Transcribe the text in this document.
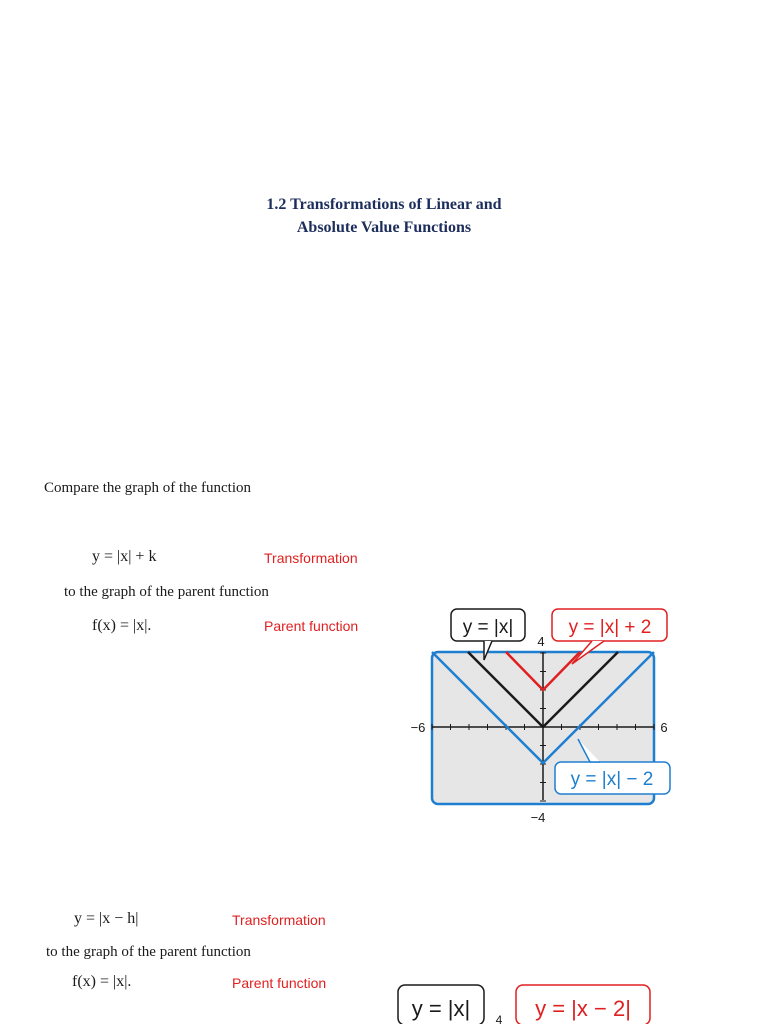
1.2 Transformations of Linear and
Absolute Value Functions
Compare the graph of the function
y = |x| + k	Transformation
to the graph of the parent function
f(x) = |x|.	Parent function
y = |x − h|	Transformation
to the graph of the parent function
f(x) = |x|.	Parent function
−6	6
4
−4
y = |x|	y = |x| + 2
y = |x| − 2
y = |x| 4 y = |x − 2|
